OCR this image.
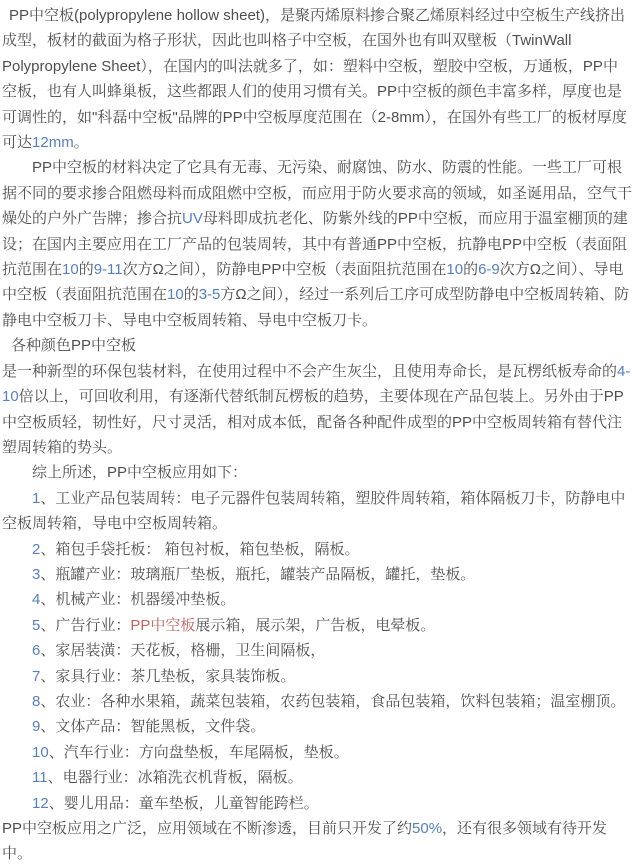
PP中空板(polypropylene hollow sheet)，是聚丙烯原料掺合聚乙烯原料经过中空板生产线挤出成型，板材的截面为格子形状，因此也叫格子中空板，在国外也有叫双壁板（TwinWall Polypropylene Sheet），在国内的叫法就多了，如：塑料中空板，塑胶中空板，万通板，PP中空板，也有人叫蜂巢板，这些都跟人们的使用习惯有关。PP中空板的颜色丰富多样，厚度也是可调性的，如"科磊中空板"品牌的PP中空板厚度范围在（2-8mm），在国外有些工厂的板材厚度可达12mm。

PP中空板的材料决定了它具有无毒、无污染、耐腐蚀、防水、防震的性能。一些工厂可根据不同的要求掺合阻燃母料而成阻燃中空板，而应用于防火要求高的领域，如圣诞用品，空气干燥处的户外广告牌；掺合抗UV母料即成抗老化、防紫外线的PP中空板，而应用于温室棚顶的建设；在国内主要应用在工厂产品的包装周转，其中有普通PP中空板，抗静电PP中空板（表面阻抗范围在10的9-11次方Ω之间），防静电PP中空板（表面阻抗范围在10的6-9次方Ω之间）、导电中空板（表面阻抗范围在10的3-5方Ω之间），经过一系列后工序可成型防静电中空板周转箱、防静电中空板刀卡、导电中空板周转箱、导电中空板刀卡。

各种颜色PP中空板

是一种新型的环保包装材料，在使用过程中不会产生灰尘，且使用寿命长，是瓦楞纸板寿命的4-10倍以上，可回收利用，有逐渐代替纸制瓦楞板的趋势，主要体现在产品包装上。另外由于PP中空板质轻，韧性好，尺寸灵活，相对成本低，配备各种配件成型的PP中空板周转箱有替代注塑周转箱的势头。

综上所述，PP中空板应用如下：

1、工业产品包装周转：电子元器件包装周转箱，塑胶件周转箱，箱体隔板刀卡，防静电中空板周转箱，导电中空板周转箱。

2、箱包手袋托板： 箱包衬板，箱包垫板，隔板。

3、瓶罐产业：玻璃瓶厂垫板，瓶托，罐装产品隔板，罐托，垫板。

4、机械产业：机器缓冲垫板。

5、广告行业：PP中空板展示箱，展示架，广告板，电晕板。

6、家居装潢：天花板，格栅，卫生间隔板，

7、家具行业：茶几垫板，家具装饰板。

8、农业：各种水果箱，蔬菜包装箱，农药包装箱，食品包装箱，饮料包装箱；温室棚顶。

9、文体产品：智能黑板，文件袋。

10、汽车行业：方向盘垫板，车尾隔板，垫板。

11、电器行业：冰箱洗衣机背板，隔板。

12、婴儿用品：童车垫板，儿童智能跨栏。

PP中空板应用之广泛，应用领域在不断渗透，目前只开发了约50%，还有很多领域有待开发中。
